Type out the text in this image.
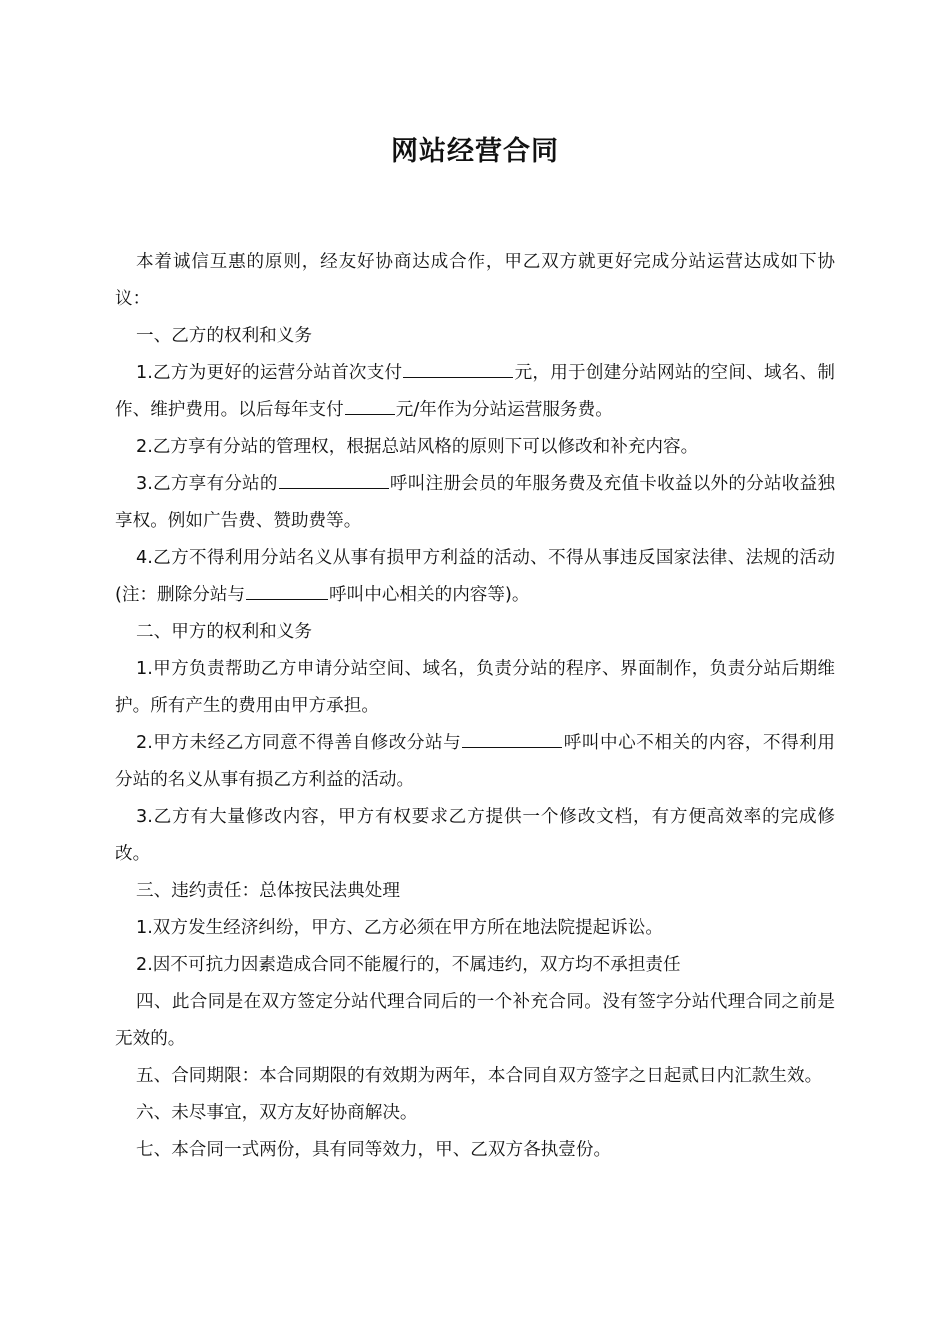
网站经营合同

本着诚信互惠的原则，经友好协商达成合作，甲乙双方就更好完成分站运营达成如下协议：

一、乙方的权利和义务

1.乙方为更好的运营分站首次支付	元，用于创建分站网站的空间、域名、制作、维护费用。以后每年支付	元/年作为分站运营服务费。

2.乙方享有分站的管理权，根据总站风格的原则下可以修改和补充内容。

3.乙方享有分站的	呼叫注册会员的年服务费及充值卡收益以外的分站收益独享权。例如广告费、赞助费等。

4.乙方不得利用分站名义从事有损甲方利益的活动、不得从事违反国家法律、法规的活动(注：删除分站与	呼叫中心相关的内容等)。

二、甲方的权利和义务

1.甲方负责帮助乙方申请分站空间、域名，负责分站的程序、界面制作，负责分站后期维护。所有产生的费用由甲方承担。

2.甲方未经乙方同意不得善自修改分站与	呼叫中心不相关的内容，不得利用分站的名义从事有损乙方利益的活动。

3.乙方有大量修改内容，甲方有权要求乙方提供一个修改文档，有方便高效率的完成修改。

三、违约责任：总体按民法典处理

1.双方发生经济纠纷，甲方、乙方必须在甲方所在地法院提起诉讼。

2.因不可抗力因素造成合同不能履行的，不属违约，双方均不承担责任

四、此合同是在双方签定分站代理合同后的一个补充合同。没有签字分站代理合同之前是无效的。

五、合同期限：本合同期限的有效期为两年，本合同自双方签字之日起贰日内汇款生效。

六、未尽事宜，双方友好协商解决。

七、本合同一式两份，具有同等效力，甲、乙双方各执壹份。
